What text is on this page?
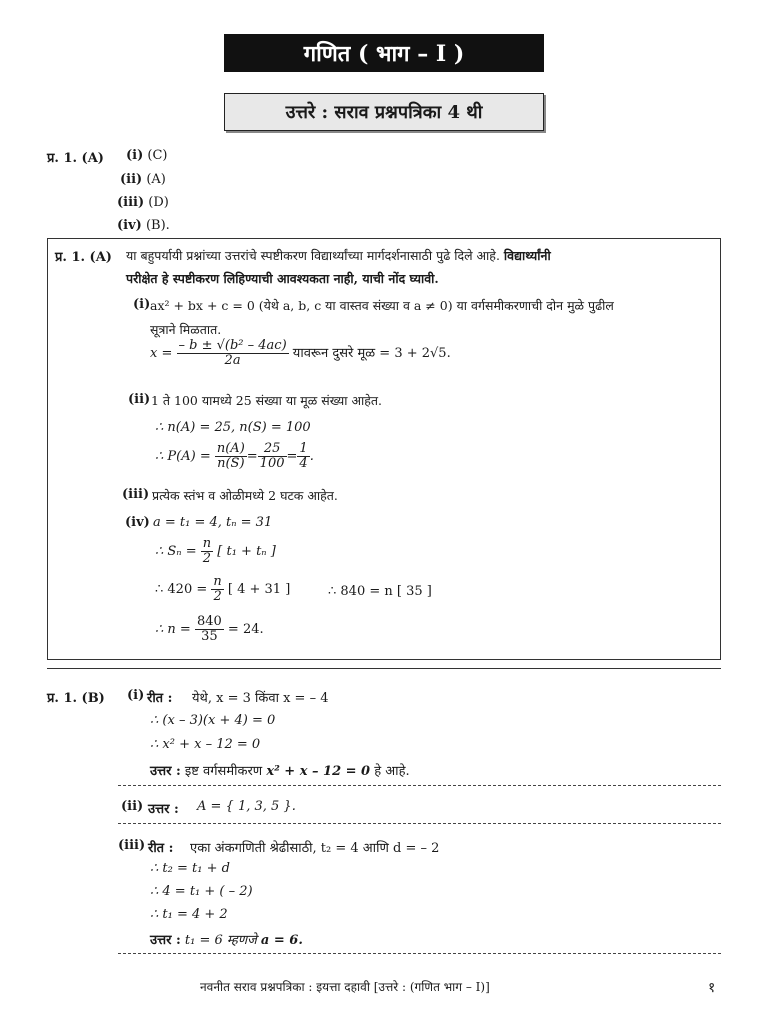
गणित ( भाग – I )
उत्तरे : सराव प्रश्नपत्रिका 4 थी
प्र. 1. (A) (i) (C)
(ii) (A)
(iii) (D)
(iv) (B).
प्र. 1. (A) या बहुपर्यायी प्रश्नांच्या उत्तरांचे स्पष्टीकरण विद्यार्थ्यांच्या मार्गदर्शनासाठी पुढे दिले आहे. विद्यार्थ्यांनी
परीक्षेत हे स्पष्टीकरण लिहिण्याची आवश्यकता नाही, याची नोंद घ्यावी.
(i) ax² + bx + c = 0 (येथे a, b, c या वास्तव संख्या व a ≠ 0) या वर्गसमीकरणाची दोन मुळे पुढील
सूत्राने मिळतात.
$x = \frac{\text{– b ± √(b² – 4ac)}}{2a}$ यावरून दुसरे मूळ = 3 + 2√5.
(ii) 1 ते 100 यामध्ये 25 संख्या या मूळ संख्या आहेत.
∴ n(A) = 25, n(S) = 100
∴ $P(A) = \frac{n(A)}{n(S)} = \frac{25}{100} = \frac{1}{4}$ .
(iii) प्रत्येक स्तंभ व ओळीमध्ये 2 घटक आहेत.
(iv) a = t₁ = 4, tₙ = 31
∴ $S_n = \frac{n}{2}$ [ t₁ + tₙ ]
∴ $420 = \frac{n}{2}$ [ 4 + 31 ]	∴ 840 = n [ 35 ]
∴ $n = \frac{840}{35} = 24$.
प्र. 1. (B) (i) रीत : येथे, x = 3 किंवा x = – 4
∴ (x – 3)(x + 4) = 0
∴ x² + x – 12 = 0
उत्तर : इष्ट वर्गसमीकरण x² + x – 12 = 0 हे आहे.
(ii) उत्तर : A = { 1, 3, 5 }.
(iii) रीत : एका अंकगणिती श्रेढीसाठी, t₂ = 4 आणि d = – 2
∴ t₂ = t₁ + d
∴ 4 = t₁ + ( – 2)
∴ t₁ = 4 + 2
उत्तर : t₁ = 6 म्हणजे a = 6.
नवनीत सराव प्रश्नपत्रिका : इयत्ता दहावी [उत्तरे : (गणित भाग – I)]	१
